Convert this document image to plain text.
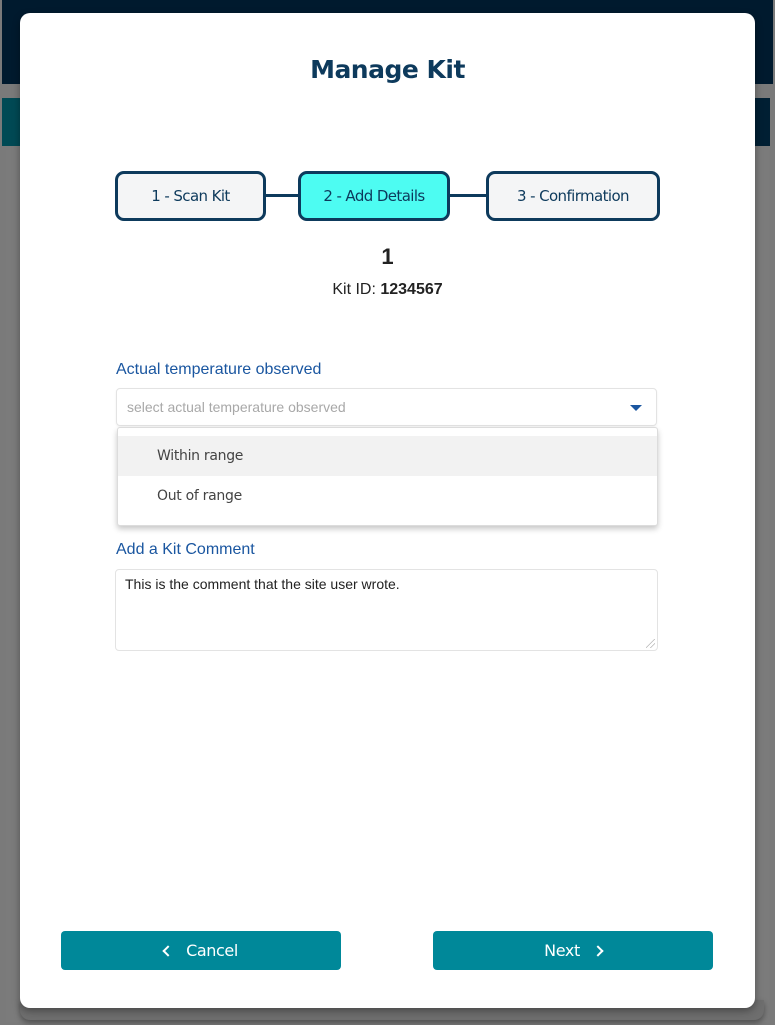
Manage Kit
1 - Scan Kit	2 - Add Details	3 - Confirmation
1
Kit ID: 1234567
Actual temperature observed
select actual temperature observed
Within range
Out of range
Add a Kit Comment
This is the comment that the site user wrote.
Cancel	Next
